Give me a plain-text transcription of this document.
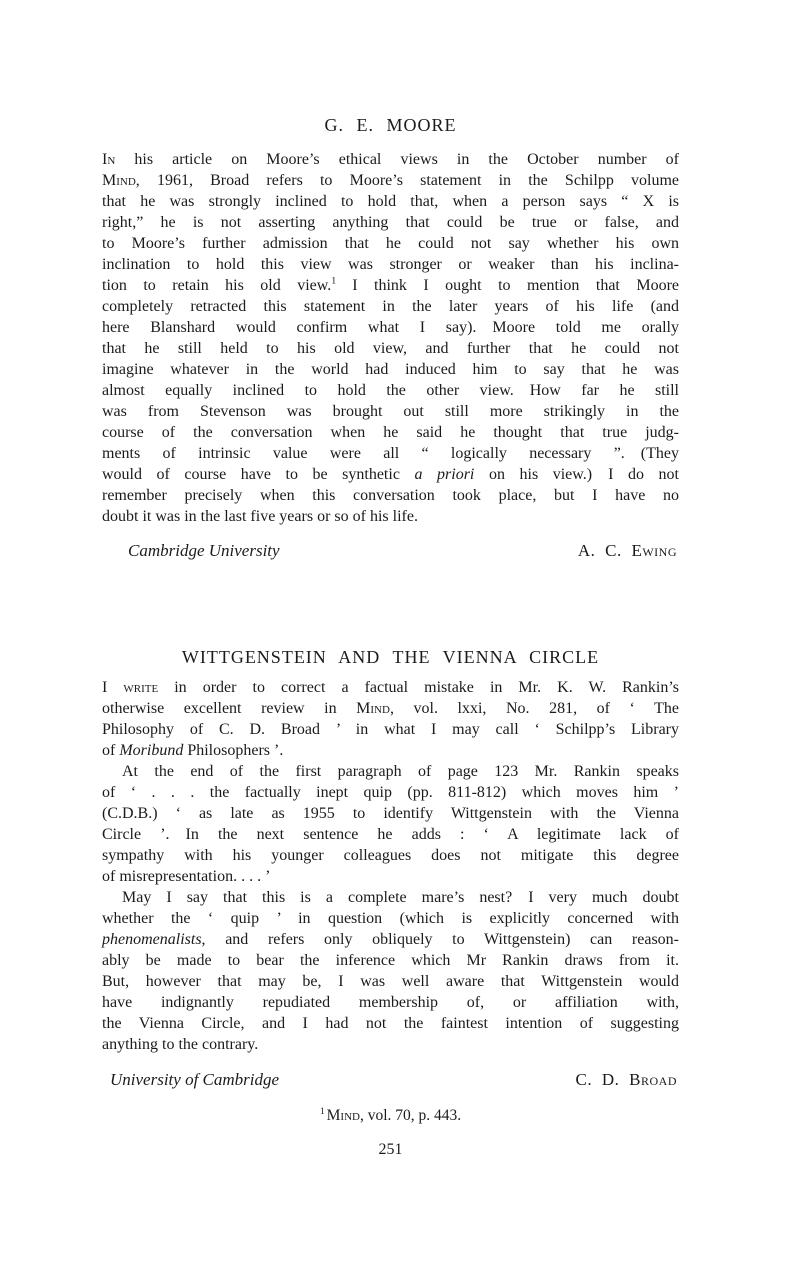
G. E. MOORE
In his article on Moore’s ethical views in the October number of
Mind, 1961, Broad refers to Moore’s statement in the Schilpp volume
that he was strongly inclined to hold that, when a person says “ X is
right,” he is not asserting anything that could be true or false, and
to Moore’s further admission that he could not say whether his own
inclination to hold this view was stronger or weaker than his inclina-
tion to retain his old view.$^1$ I think I ought to mention that Moore
completely retracted this statement in the later years of his life (and
here Blanshard would confirm what I say). Moore told me orally
that he still held to his old view, and further that he could not
imagine whatever in the world had induced him to say that he was
almost equally inclined to hold the other view. How far he still
was from Stevenson was brought out still more strikingly in the
course of the conversation when he said he thought that true judg-
ments of intrinsic value were all “ logically necessary ”. (They
would of course have to be synthetic a priori on his view.) I do not
remember precisely when this conversation took place, but I have no
doubt it was in the last five years or so of his life.
Cambridge University	A. C. Ewing
WITTGENSTEIN AND THE VIENNA CIRCLE
I write in order to correct a factual mistake in Mr. K. W. Rankin’s
otherwise excellent review in Mind, vol. lxxi, No. 281, of ‘ The
Philosophy of C. D. Broad ’ in what I may call ‘ Schilpp’s Library
of Moribund Philosophers ’.
At the end of the first paragraph of page 123 Mr. Rankin speaks
of ‘ . . . the factually inept quip (pp. 811-812) which moves him ’
(C.D.B.) ‘ as late as 1955 to identify Wittgenstein with the Vienna
Circle ’. In the next sentence he adds : ‘ A legitimate lack of
sympathy with his younger colleagues does not mitigate this degree
of misrepresentation. . . . ’
May I say that this is a complete mare’s nest? I very much doubt
whether the ‘ quip ’ in question (which is explicitly concerned with
phenomenalists, and refers only obliquely to Wittgenstein) can reason-
ably be made to bear the inference which Mr Rankin draws from it.
But, however that may be, I was well aware that Wittgenstein would
have indignantly repudiated membership of, or affiliation with,
the Vienna Circle, and I had not the faintest intention of suggesting
anything to the contrary.
University of Cambridge	C. D. Broad
$^1$ Mind, vol. 70, p. 443.
251
